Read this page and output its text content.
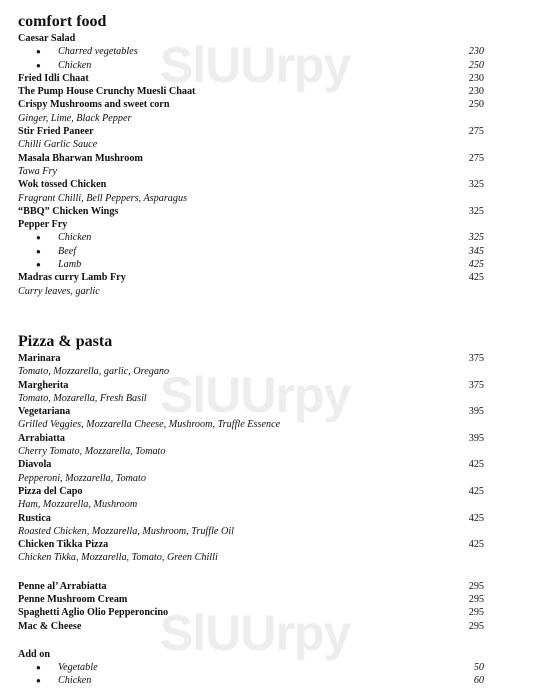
SlUUrpy
SlUUrpy
SlUUrpy
comfort food
Caesar Salad
● Charred vegetables	230
● Chicken	250
Fried Idli Chaat	230
The Pump House Crunchy Muesli Chaat	230
Crispy Mushrooms and sweet corn	250
Ginger, Lime, Black Pepper
Stir Fried Paneer	275
Chilli Garlic Sauce
Masala Bharwan Mushroom	275
Tawa Fry
Wok tossed Chicken	325
Fragrant Chilli, Bell Peppers, Asparagus
“BBQ” Chicken Wings	325
Pepper Fry
● Chicken	325
● Beef	345
● Lamb	425
Madras curry Lamb Fry	425
Curry leaves, garlic
Pizza & pasta
Marinara	375
Tomato, Mozzarella, garlic, Oregano
Margherita	375
Tomato, Mozarella, Fresh Basil
Vegetariana	395
Grilled Veggies, Mozzarella Cheese, Mushroom, Truffle Essence
Arrabiatta	395
Cherry Tomato, Mozzarella, Tomato
Diavola	425
Pepperoni, Mozzarella, Tomato
Pizza del Capo	425
Ham, Mozzarella, Mushroom
Rustica	425
Roasted Chicken, Mozzarella, Mushroom, Truffle Oil
Chicken Tikka Pizza	425
Chicken Tikka, Mozzarella, Tomato, Green Chilli
Penne al’ Arrabiatta	295
Penne Mushroom Cream	295
Spaghetti Aglio Olio Pepperoncino	295
Mac & Cheese	295
Add on
● Vegetable	50
● Chicken	60
